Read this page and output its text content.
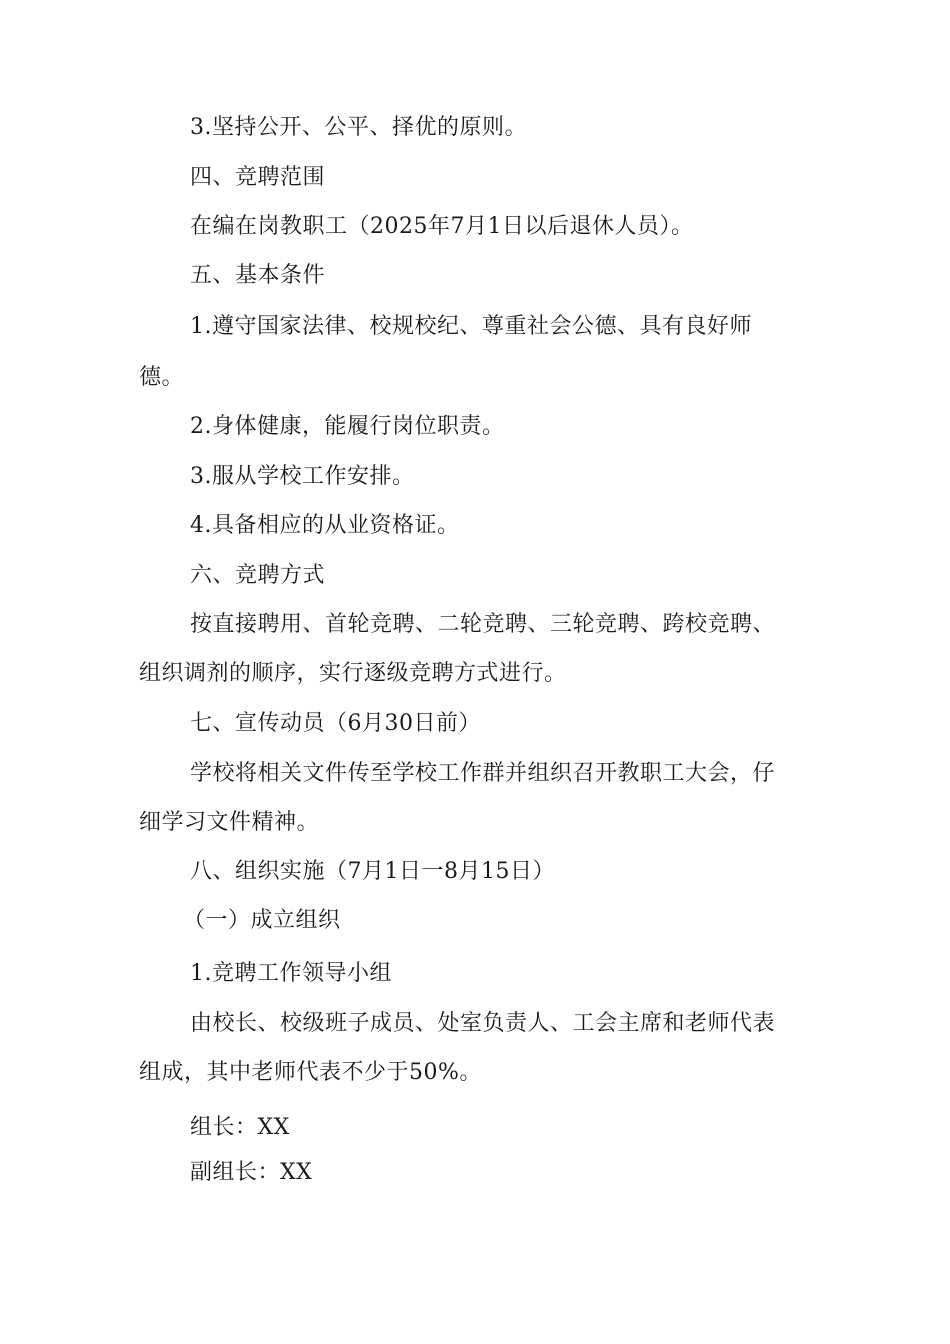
3.坚持公开、公平、择优的原则。
四、竞聘范围
在编在岗教职工（2025年7月1日以后退休人员）。
五、基本条件
1.遵守国家法律、校规校纪、尊重社会公德、具有良好师
德。
2.身体健康，能履行岗位职责。
3.服从学校工作安排。
4.具备相应的从业资格证。
六、竞聘方式
按直接聘用、首轮竞聘、二轮竞聘、三轮竞聘、跨校竞聘、
组织调剂的顺序，实行逐级竞聘方式进行。
七、宣传动员（6月30日前）
学校将相关文件传至学校工作群并组织召开教职工大会，仔
细学习文件精神。
八、组织实施（7月1日一8月15日）
（一）成立组织
1.竞聘工作领导小组
由校长、校级班子成员、处室负责人、工会主席和老师代表
组成，其中老师代表不少于50%。
组长：XX
副组长：XX
